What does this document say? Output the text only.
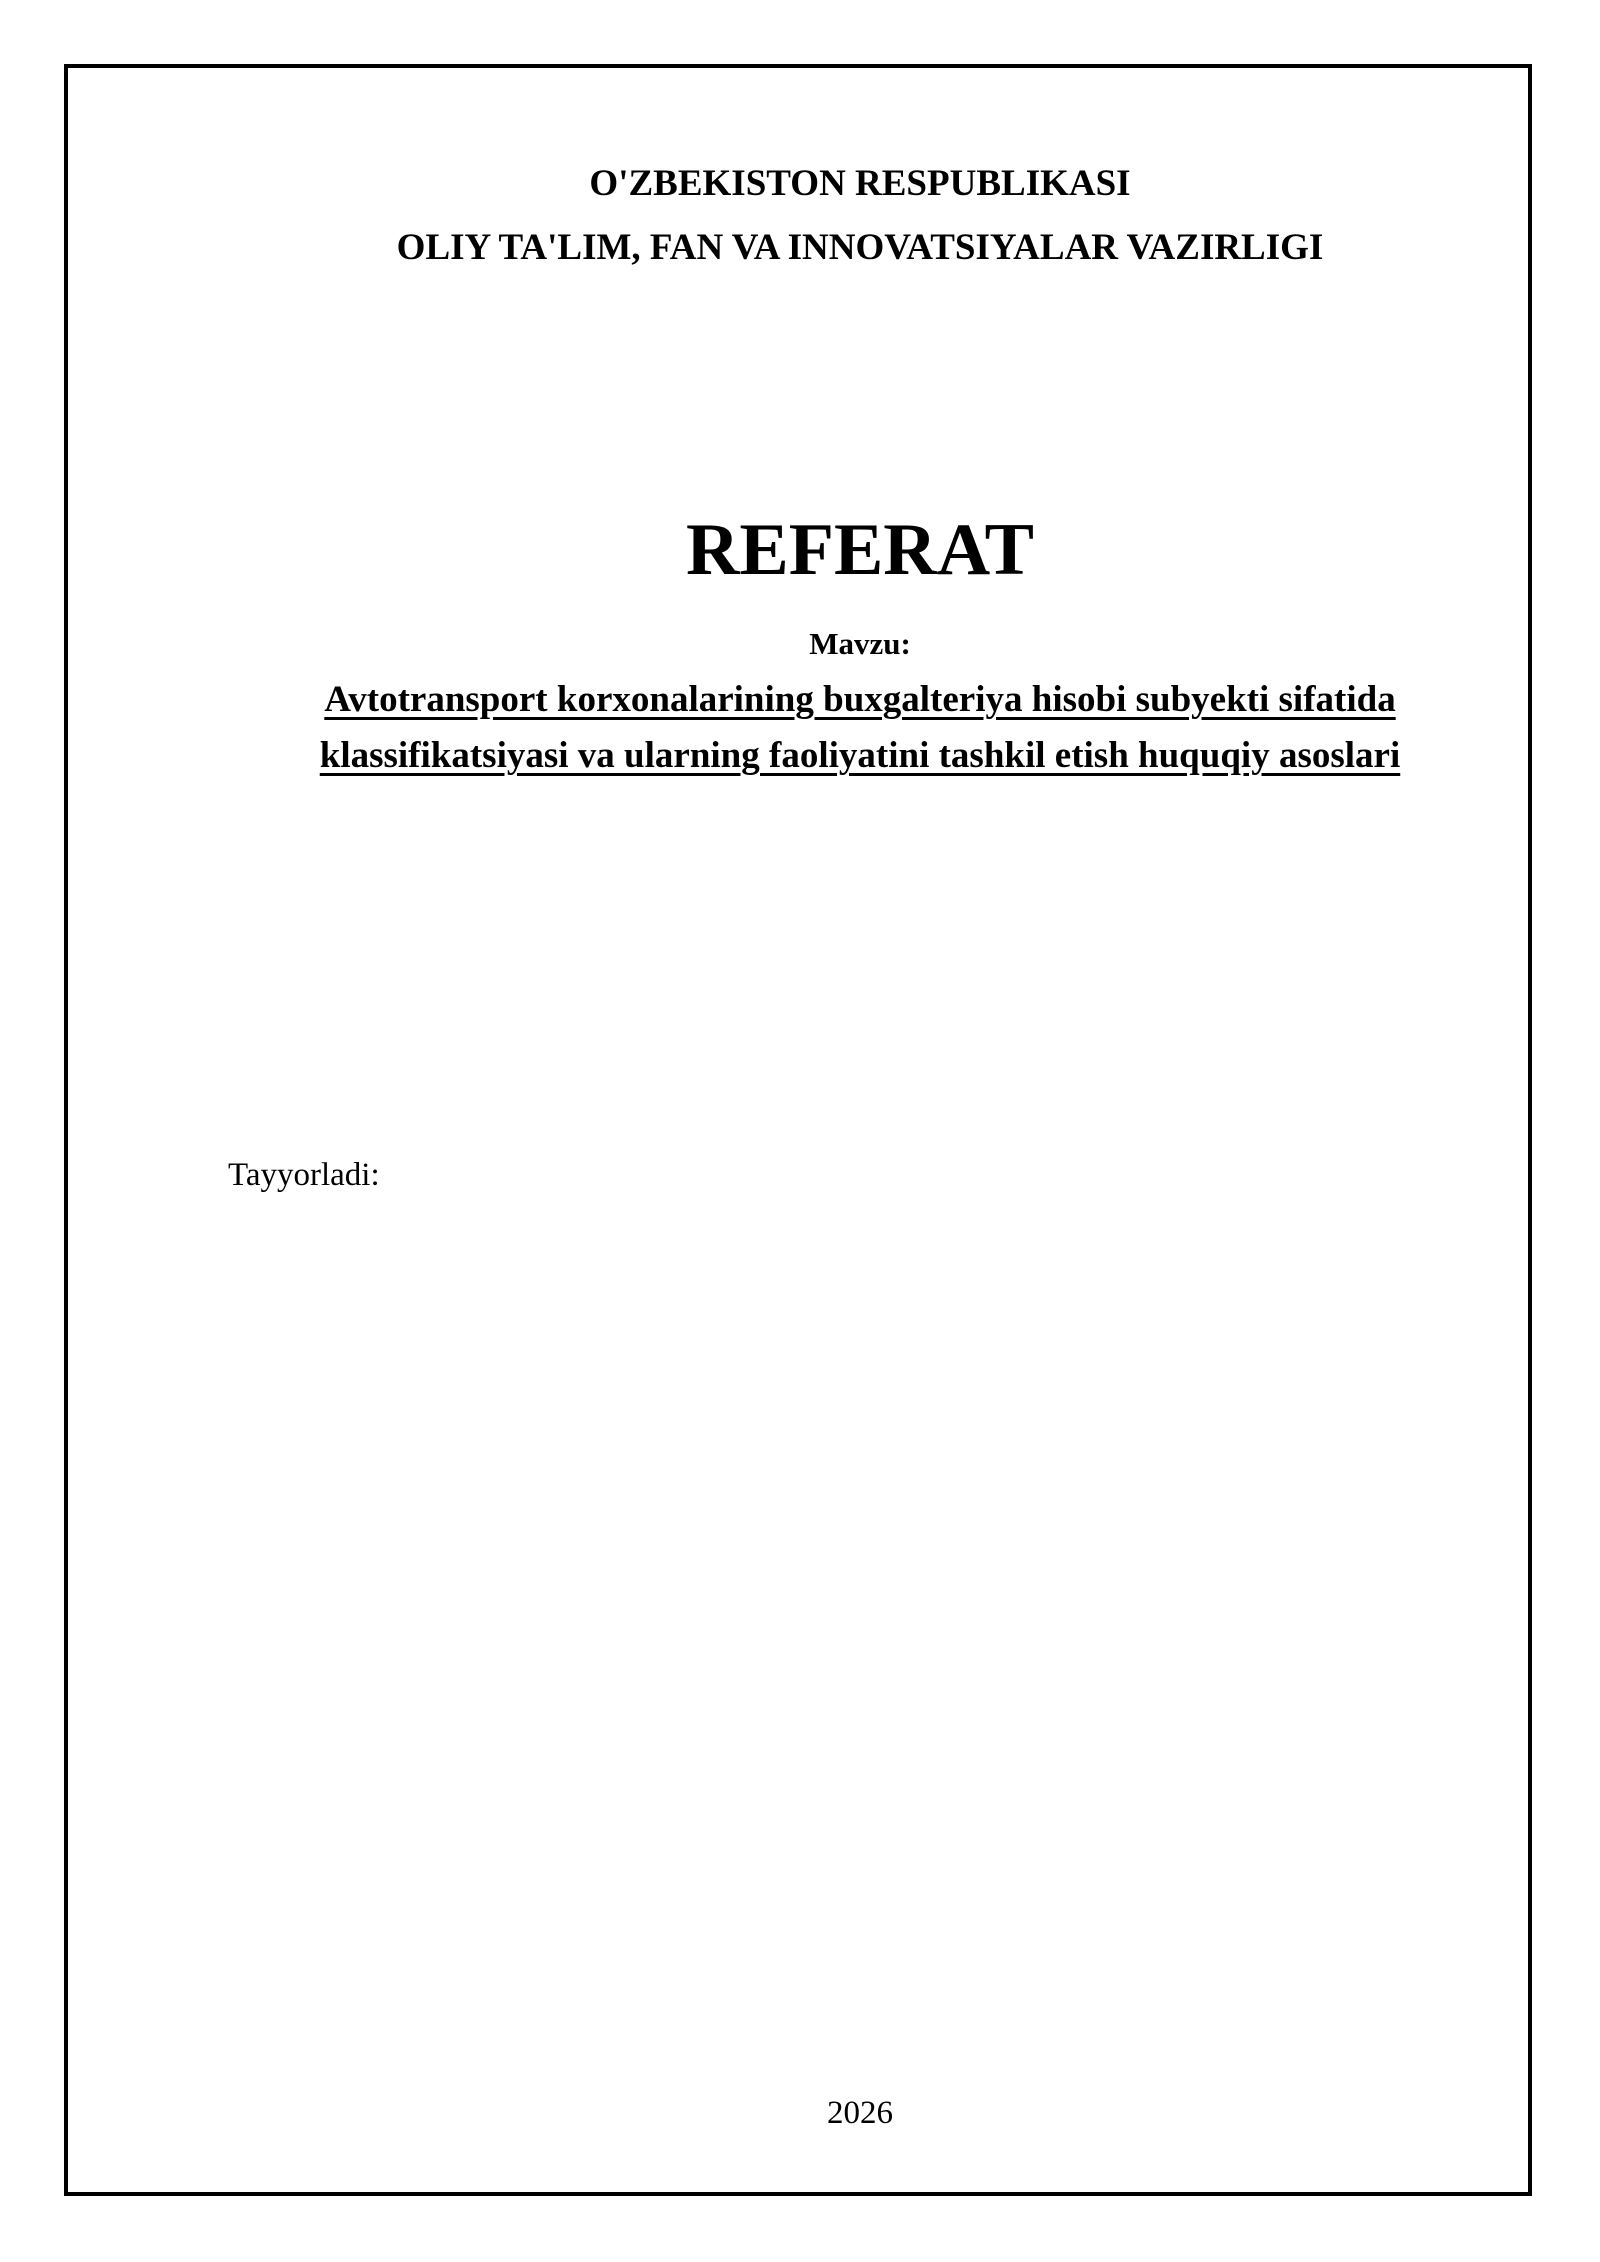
O'ZBEKISTON RESPUBLIKASI
OLIY TA'LIM, FAN VA INNOVATSIYALAR VAZIRLIGI
REFERAT
Mavzu:
Avtotransport korxonalarining buxgalteriya hisobi subyekti sifatida
klassifikatsiyasi va ularning faoliyatini tashkil etish huquqiy asoslari
Tayyorladi:
2026
